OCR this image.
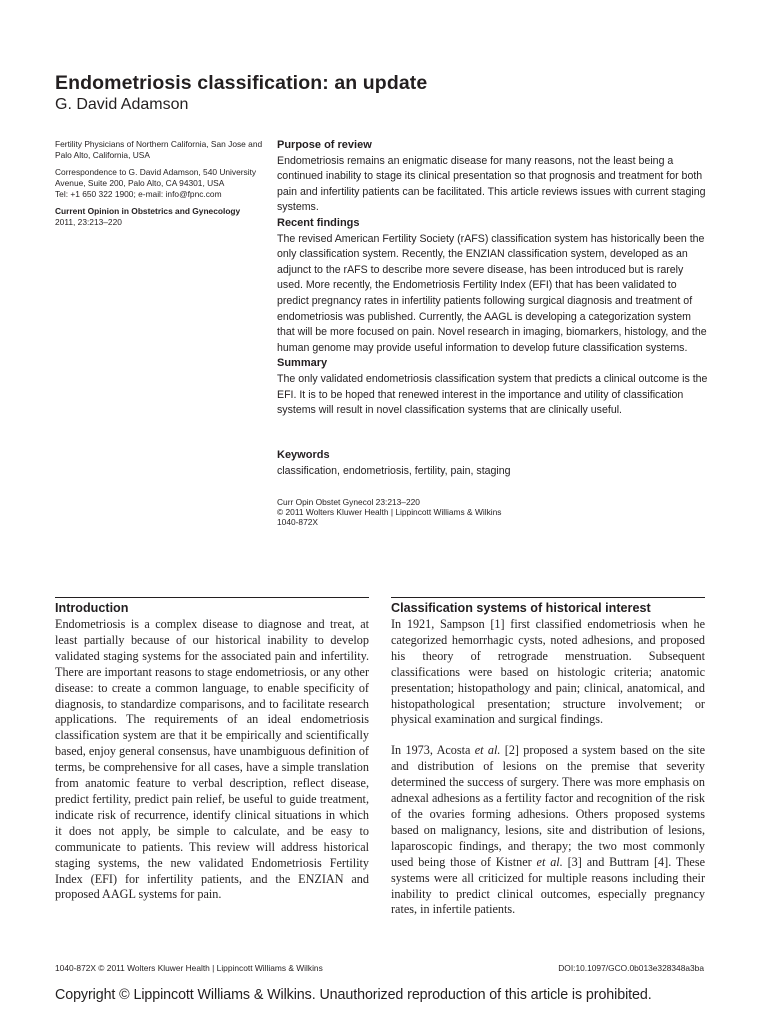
Endometriosis classification: an update
G. David Adamson

Fertility Physicians of Northern California, San Jose and Palo Alto, California, USA

Correspondence to G. David Adamson, 540 University Avenue, Suite 200, Palo Alto, CA 94301, USA
Tel: +1 650 322 1900; e-mail: info@fpnc.com

Current Opinion in Obstetrics and Gynecology
2011, 23:213–220

Purpose of review

Endometriosis remains an enigmatic disease for many reasons, not the least being a continued inability to stage its clinical presentation so that prognosis and treatment for both pain and infertility patients can be facilitated. This article reviews issues with current staging systems.

Recent findings

The revised American Fertility Society (rAFS) classification system has historically been the only classification system. Recently, the ENZIAN classification system, developed as an adjunct to the rAFS to describe more severe disease, has been introduced but is rarely used. More recently, the Endometriosis Fertility Index (EFI) that has been validated to predict pregnancy rates in infertility patients following surgical diagnosis and treatment of endometriosis was published. Currently, the AAGL is developing a categorization system that will be more focused on pain. Novel research in imaging, biomarkers, histology, and the human genome may provide useful information to develop future classification systems.

Summary

The only validated endometriosis classification system that predicts a clinical outcome is the EFI. It is to be hoped that renewed interest in the importance and utility of classification systems will result in novel classification systems that are clinically useful.

Keywords
classification, endometriosis, fertility, pain, staging
Curr Opin Obstet Gynecol 23:213–220
© 2011 Wolters Kluwer Health | Lippincott Williams & Wilkins
1040-872X
Introduction

Endometriosis is a complex disease to diagnose and treat, at least partially because of our historical inability to develop validated staging systems for the associated pain and infertility. There are important reasons to stage endometriosis, or any other disease: to create a common language, to enable specificity of diagnosis, to standardize comparisons, and to facilitate research applications. The requirements of an ideal endometriosis classification system are that it be empirically and scientifically based, enjoy general consensus, have unambiguous definition of terms, be comprehensive for all cases, have a simple translation from anatomic feature to verbal description, reflect disease, predict fertility, predict pain relief, be useful to guide treatment, indicate risk of recurrence, identify clinical situations in which it does not apply, be simple to calculate, and be easy to communicate to patients. This review will address historical staging systems, the new validated Endometriosis Fertility Index (EFI) for infertility patients, and the ENZIAN and proposed AAGL systems for pain.

Classification systems of historical interest

In 1921, Sampson [1] first classified endometriosis when he categorized hemorrhagic cysts, noted adhesions, and proposed his theory of retrograde menstruation. Subsequent classifications were based on histologic criteria; anatomic presentation; histopathology and pain; clinical, anatomical, and histopathological presentation; structure involvement; or physical examination and surgical findings.

In 1973, Acosta et al. [2] proposed a system based on the site and distribution of lesions on the premise that severity determined the success of surgery. There was more emphasis on adnexal adhesions as a fertility factor and recognition of the risk of the ovaries forming adhesions. Others proposed systems based on malignancy, lesions, site and distribution of lesions, laparoscopic findings, and therapy; the two most commonly used being those of Kistner et al. [3] and Buttram [4]. These systems were all criticized for multiple reasons including their inability to predict clinical outcomes, especially pregnancy rates, in infertile patients.

1040-872X © 2011 Wolters Kluwer Health | Lippincott Williams & Wilkins	DOI:10.1097/GCO.0b013e328348a3ba
Copyright © Lippincott Williams & Wilkins. Unauthorized reproduction of this article is prohibited.
